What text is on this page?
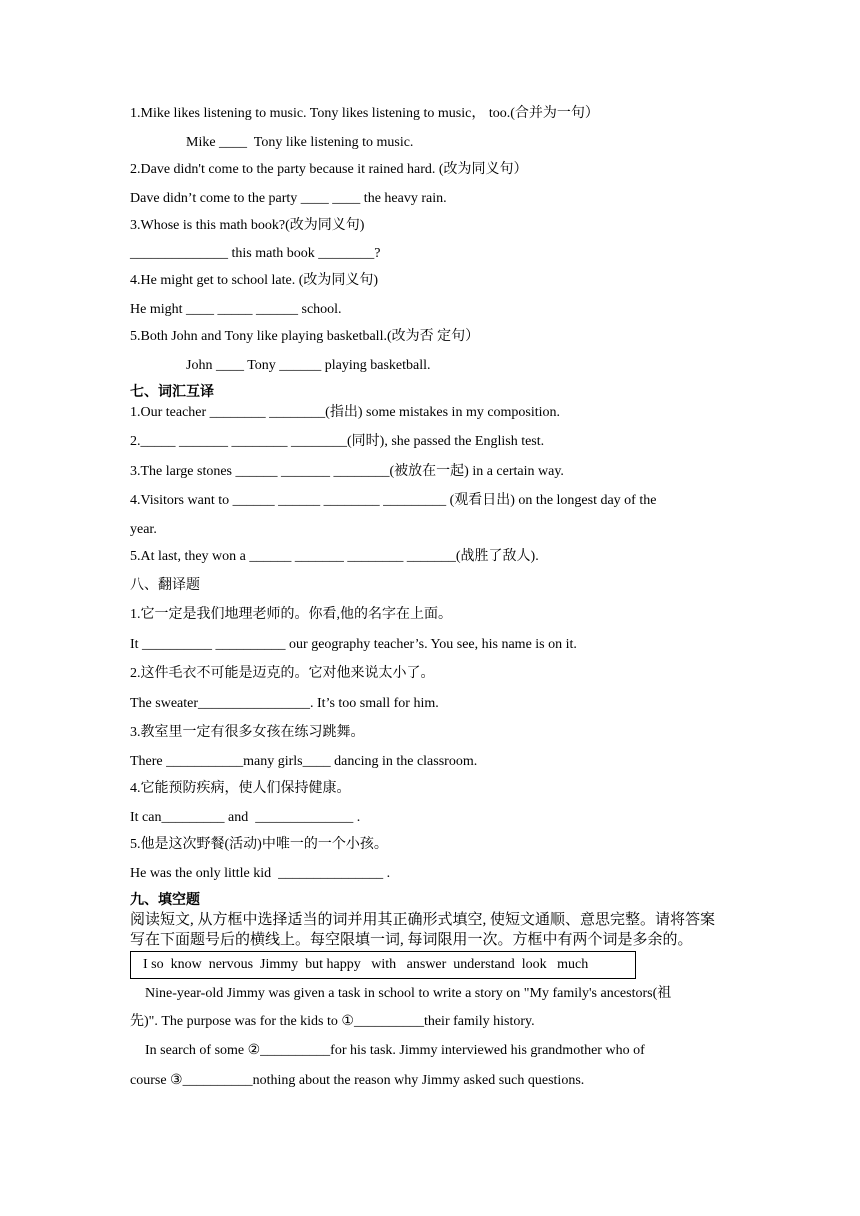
1.Mike likes listening to music. Tony likes listening to music， too.(合并为一句）
Mike ____  Tony like listening to music.
2.Dave didn't come to the party because it rained hard. (改为同义句）
Dave didn’t come to the party ____ ____ the heavy rain.
3.Whose is this math book?(改为同义句)
______________ this math book ________?
4.He might get to school late. (改为同义句)
He might ____ _____ ______ school.
5.Both John and Tony like playing basketball.(改为否 定句）
John ____ Tony ______ playing basketball.
七、词汇互译
1.Our teacher ________ ________(指出) some mistakes in my composition.
2._____ _______ ________ ________(同时), she passed the English test.
3.The large stones ______ _______ ________(被放在一起) in a certain way.
4.Visitors want to ______ ______ ________ _________ (观看日出) on the longest day of the
year.
5.At last, they won a ______ _______ ________ _______(战胜了敌人).
八、翻译题
1.它一定是我们地理老师的。你看,他的名字在上面。
It __________ __________ our geography teacher’s. You see, his name is on it.
2.这件毛衣不可能是迈克的。它对他来说太小了。
The sweater________________. It’s too small for him.
3.教室里一定有很多女孩在练习跳舞。
There ___________many girls____ dancing in the classroom.
4.它能预防疾病，使人们保持健康。
It can_________ and  ______________ .
5.他是这次野餐(活动)中唯一的一个小孩。
He was the only little kid  _______________ .
九、填空题
阅读短文, 从方框中选择适当的词并用其正确形式填空, 使短文通顺、意思完整。请将答案
写在下面题号后的横线上。每空限填一词, 每词限用一次。方框中有两个词是多余的。
I so  know  nervous  Jimmy  but happy   with   answer  understand  look   much
Nine-year-old Jimmy was given a task in school to write a story on "My family's ancestors(祖
先)". The purpose was for the kids to ①__________their family history.
In search of some ②__________for his task. Jimmy interviewed his grandmother who of
course ③__________nothing about the reason why Jimmy asked such questions.
